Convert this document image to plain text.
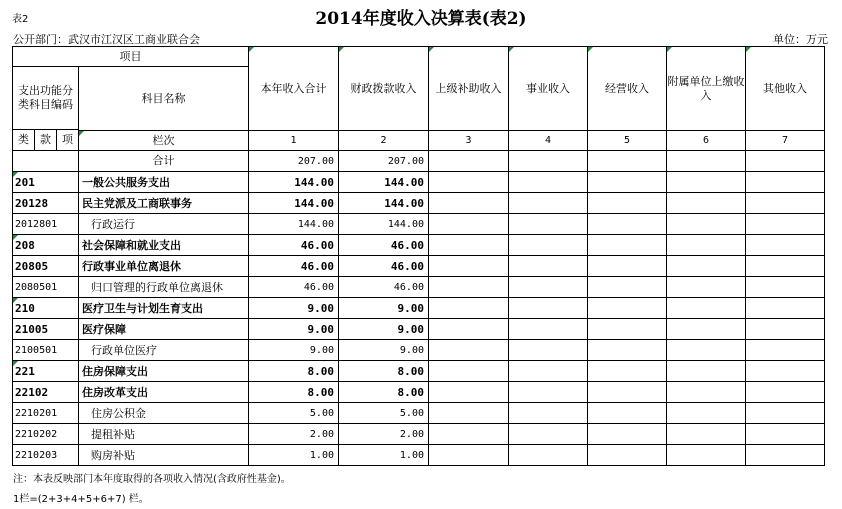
表2	2014年度收入决算表(表2)
公开部门：武汉市江汉区工商业联合会	单位：万元
项目				本年收入合计	财政拨款收入	上级补助收入	事业收入	经营收入	附属单位上缴收入	其他收入
支出功能分类科目编码			科目名称							

类	款	项								
			栏次	1	2	3	4	5	6	7
			合计	207.00	207.00					
201			一般公共服务支出	144.00	144.00					
20128			民主党派及工商联事务	144.00	144.00					
2012801			行政运行	144.00	144.00					
208			社会保障和就业支出	46.00	46.00					
20805			行政事业单位离退休	46.00	46.00					
2080501			归口管理的行政单位离退休	46.00	46.00					
210			医疗卫生与计划生育支出	9.00	9.00					
21005			医疗保障	9.00	9.00					
2100501			行政单位医疗	9.00	9.00					
221			住房保障支出	8.00	8.00					
22102			住房改革支出	8.00	8.00					
2210201			住房公积金	5.00	5.00					
2210202			提租补贴	2.00	2.00					
2210203			购房补贴	1.00	1.00					
注：本表反映部门本年度取得的各项收入情况(含政府性基金)。
1栏=(2+3+4+5+6+7) 栏。
